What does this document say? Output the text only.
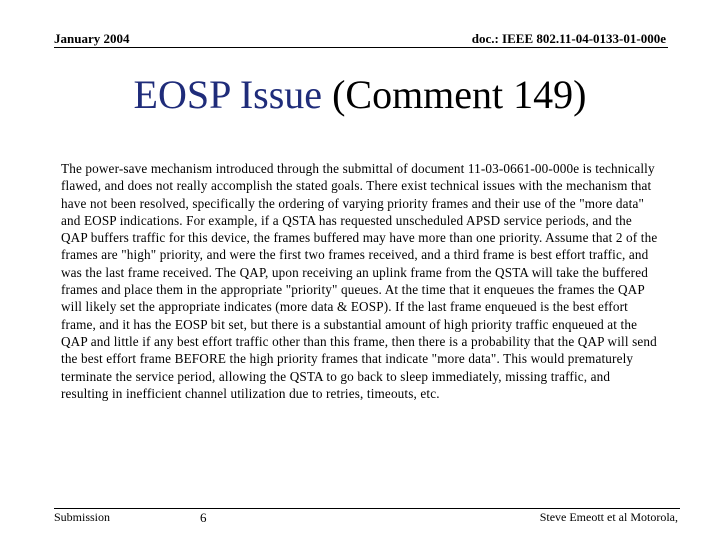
January 2004	doc.: IEEE 802.11-04-0133-01-000e
EOSP Issue (Comment 149)

The power-save mechanism introduced through the submittal of document 11-03-0661-00-000e is technically flawed, and does not really accomplish the stated goals. There exist technical issues with the mechanism that have not been resolved, specifically the ordering of varying priority frames and their use of the "more data" and EOSP indications. For example, if a QSTA has requested unscheduled APSD service periods, and the QAP buffers traffic for this device, the frames buffered may have more than one priority. Assume that 2 of the frames are "high" priority, and were the first two frames received, and a third frame is best effort traffic, and was the last frame received. The QAP, upon receiving an uplink frame from the QSTA will take the buffered frames and place them in the appropriate "priority" queues. At the time that it enqueues the frames the QAP will likely set the appropriate indicates (more data & EOSP). If the last frame enqueued is the best effort frame, and it has the EOSP bit set, but there is a substantial amount of high priority traffic enqueued at the QAP and little if any best effort traffic other than this frame, then there is a probability that the QAP will send the best effort frame BEFORE the high priority frames that indicate "more data". This would prematurely terminate the service period, allowing the QSTA to go back to sleep immediately, missing traffic, and resulting in inefficient channel utilization due to retries, timeouts, etc.

Submission	6	Steve Emeott et al Motorola,
